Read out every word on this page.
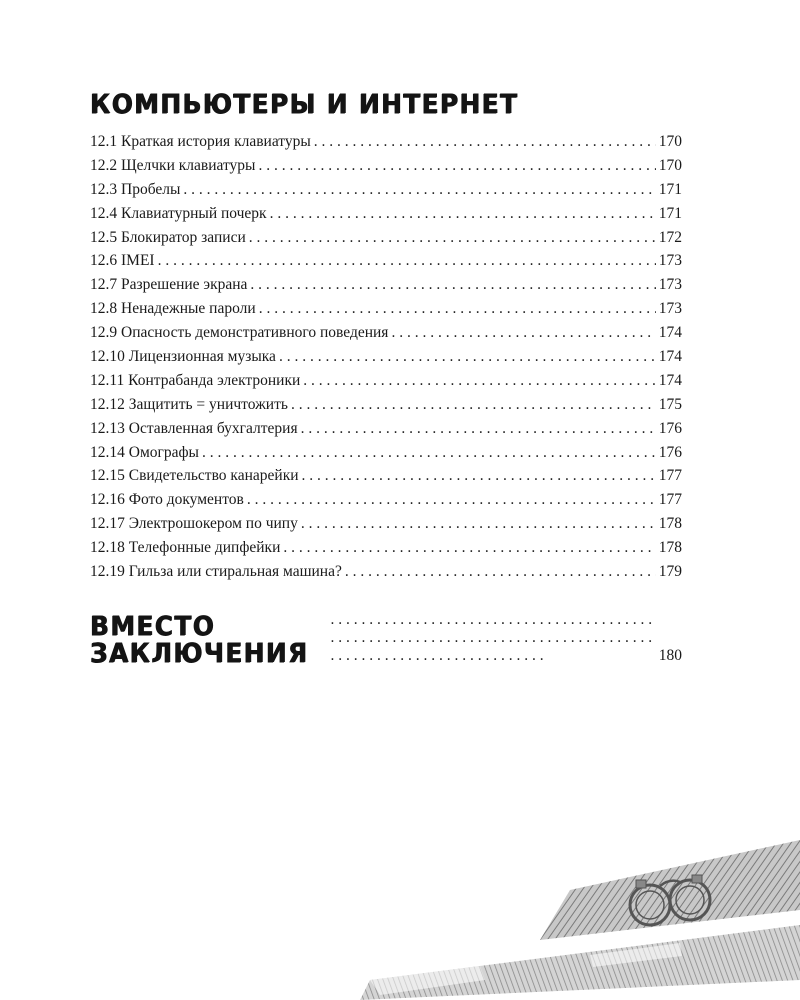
КОМПЬЮТЕРЫ И ИНТЕРНЕТ
12.1 Краткая история клавиатуры . . .	170
12.2 Щелчки клавиатуры . . .	170
12.3 Пробелы . . .	171
12.4 Клавиатурный почерк . . .	171
12.5 Блокиратор записи . . .	172
12.6 IMEI . . .	173
12.7 Разрешение экрана . . .	173
12.8 Ненадежные пароли . . .	173
12.9 Опасность демонстративного поведения . . .	174
12.10 Лицензионная музыка . . .	174
12.11 Контрабанда электроники . . .	174
12.12 Защитить = уничтожить . . .	175
12.13 Оставленная бухгалтерия . . .	176
12.14 Омографы . . .	176
12.15 Свидетельство канарейки . . .	177
12.16 Фото документов . . .	177
12.17 Электрошокером по чипу . . .	178
12.18 Телефонные дипфейки . . .	178
12.19 Гильза или стиральная машина? . . .	179
ВМЕСТО ЗАКЛЮЧЕНИЯ . . .	180
